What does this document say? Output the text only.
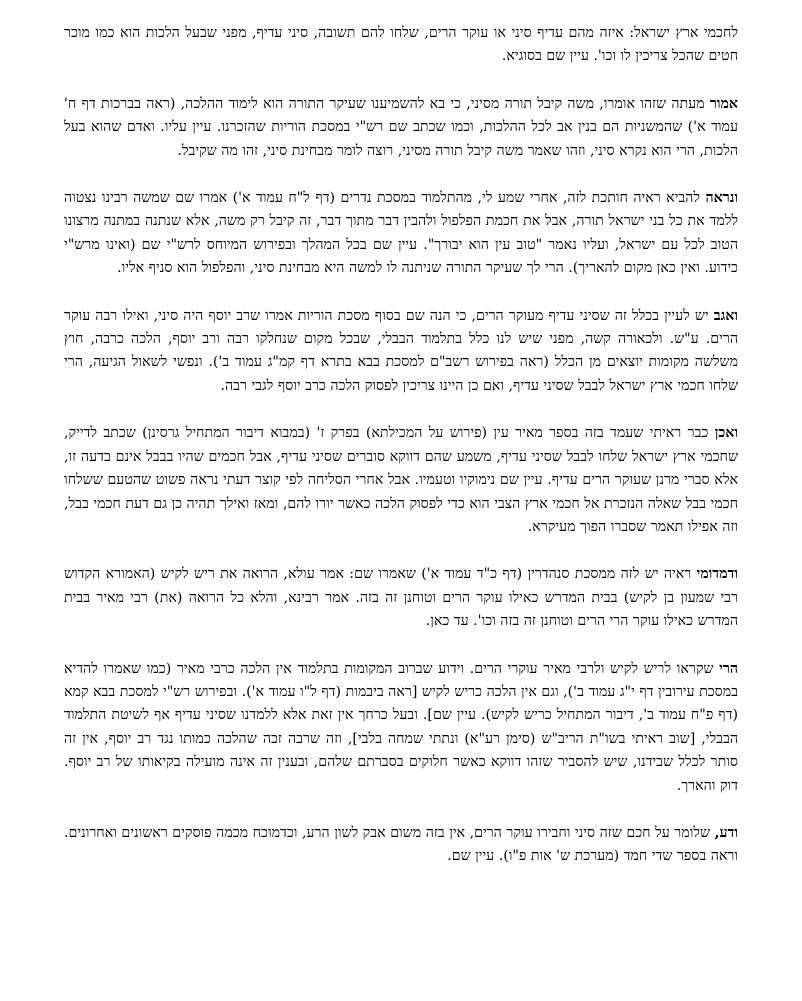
לחכמי ארץ ישראל: איזה מהם עדיף סיני או עוקר הרים, שלחו להם תשובה, סיני עדיף, מפני שבעל הלכות הוא כמו מוכר חטים שהכל צריכין לו וכו'. עיין שם בסוגיא.

אמור מעתה שזהו אומרו, משה קיבל תורה מסיני, כי בא להשמיענו שעיקר התורה הוא לימוד ההלכה, (ראה בברכות דף ח' עמוד א') שהמשניות הם בנין אב לכל ההלכות, וכמו שכתב שם רש"י במסכת הוריות שהזכרנו. עיין עליו. ואדם שהוא בעל הלכות, הרי הוא נקרא סיני, וזהו שאמר משה קיבל תורה מסיני, רוצה לומר מבחינת סיני, זהו מה שקיבל.

ונראה להביא ראיה חותכת לזה, אחרי שמע לי, מהתלמוד במסכת נדרים (דף ל"ח עמוד א') אמרו שם שמשה רבינו נצטוה ללמד את כל בני ישראל תורה, אבל את חכמת הפלפול ולהבין דבר מתוך דבר, זה קיבל רק משה, אלא שנתנה במתנה מרצונו הטוב לכל עם ישראל, ועליו נאמר "טוב עין הוא יבורך". עיין שם בכל המהלך ובפירוש המיוחס לרש"י שם (ואינו מרש"י כידוע. ואין כאן מקום להאריך). הרי לך שעיקר התורה שניתנה לו למשה היא מבחינת סיני, והפלפול הוא סניף אליו.

ואגב יש לעיין בכלל זה שסיני עדיף מעוקר הרים, כי הנה שם בסוף מסכת הוריות אמרו שרב יוסף היה סיני, ואילו רבה עוקר הרים. ע"ש. ולכאורה קשה, מפני שיש לנו כלל בתלמוד הבבלי, שבכל מקום שנחלקו רבה ורב יוסף, הלכה כרבה, חוץ משלשה מקומות יוצאים מן הכלל (ראה בפירוש רשב"ם למסכת בבא בתרא דף קמ"ג עמוד ב'). ונפשי לשאול הגיעה, הרי שלחו חכמי ארץ ישראל לבבל שסיני עדיף, ואם כן היינו צריכין לפסוק הלכה כרב יוסף לגבי רבה.

ואכן כבר ראיתי שעמד בזה בספר מאיר עין (פירוש על המכילתא) בפרק ז' (במבוא דיבור המתחיל גרסינן) שכתב לדייק, שחכמי ארץ ישראל שלחו לבבל שסיני עדיף, משמע שהם דווקא סוברים שסיני עדיף, אבל חכמים שהיו בבבל אינם בדעה זו, אלא סברי מרנן שעוקר הרים עדיף. עיין שם נימוקיו וטעמיו. אבל אחרי הסליחה לפי קוצר דעתי נראה פשוט שהטעם ששלחו חכמי בבל שאלה הנזכרת אל חכמי ארץ הצבי הוא כדי לפסוק הלכה כאשר יורו להם, ומאז ואילך תהיה כן גם דעת חכמי בבל, וזה אפילו תאמר שסברו הפוך מעיקרא.

ודמדומי ראיה יש לזה ממסכת סנהדרין (דף כ"ד עמוד א') שאמרו שם: אמר עולא, הרואה את ריש לקיש (האמורא הקדוש רבי שמעון בן לקיש) בבית המדרש כאילו עוקר הרים וטוחנן זה בזה. אמר רבינא, והלא כל הרואה (את) רבי מאיר בבית המדרש כאילו עוקר הרי הרים וטוחנן זה בזה וכו'. עד כאן.

הרי שקראו לריש לקיש ולרבי מאיר עוקרי הרים. וידוע שברוב המקומות בתלמוד אין הלכה כרבי מאיר (כמו שאמרו להדיא במסכת עירובין דף י"ג עמוד ב'), וגם אין הלכה כריש לקיש [ראה ביבמות (דף ל"ו עמוד א'). ובפירוש רש"י למסכת בבא קמא (דף פ"ח עמוד ב', דיבור המתחיל כריש לקיש). עיין שם]. ובעל כרחך אין זאת אלא ללמדנו שסיני עדיף אף לשיטת התלמוד הבבלי, [שוב ראיתי בשו"ת הריב"ש (סימן רע"א) ונתתי שמחה בלבי], וזה שרבה זכה שהלכה כמותו נגד רב יוסף, אין זה סותר לכלל שבידנו, שיש להסביר שזהו דווקא כאשר חלוקים בסברתם שלהם, ובענין זה אינה מועילה בקיאותו של רב יוסף. דוק והארך.

ודע, שלומר על חכם שזה סיני וחבירו עוקר הרים, אין בזה משום אבק לשון הרע, וכדמוכח מכמה פוסקים ראשונים ואחרונים. וראה בספר שדי חמד (מערכת ש' אות פ"ו). עיין שם.
